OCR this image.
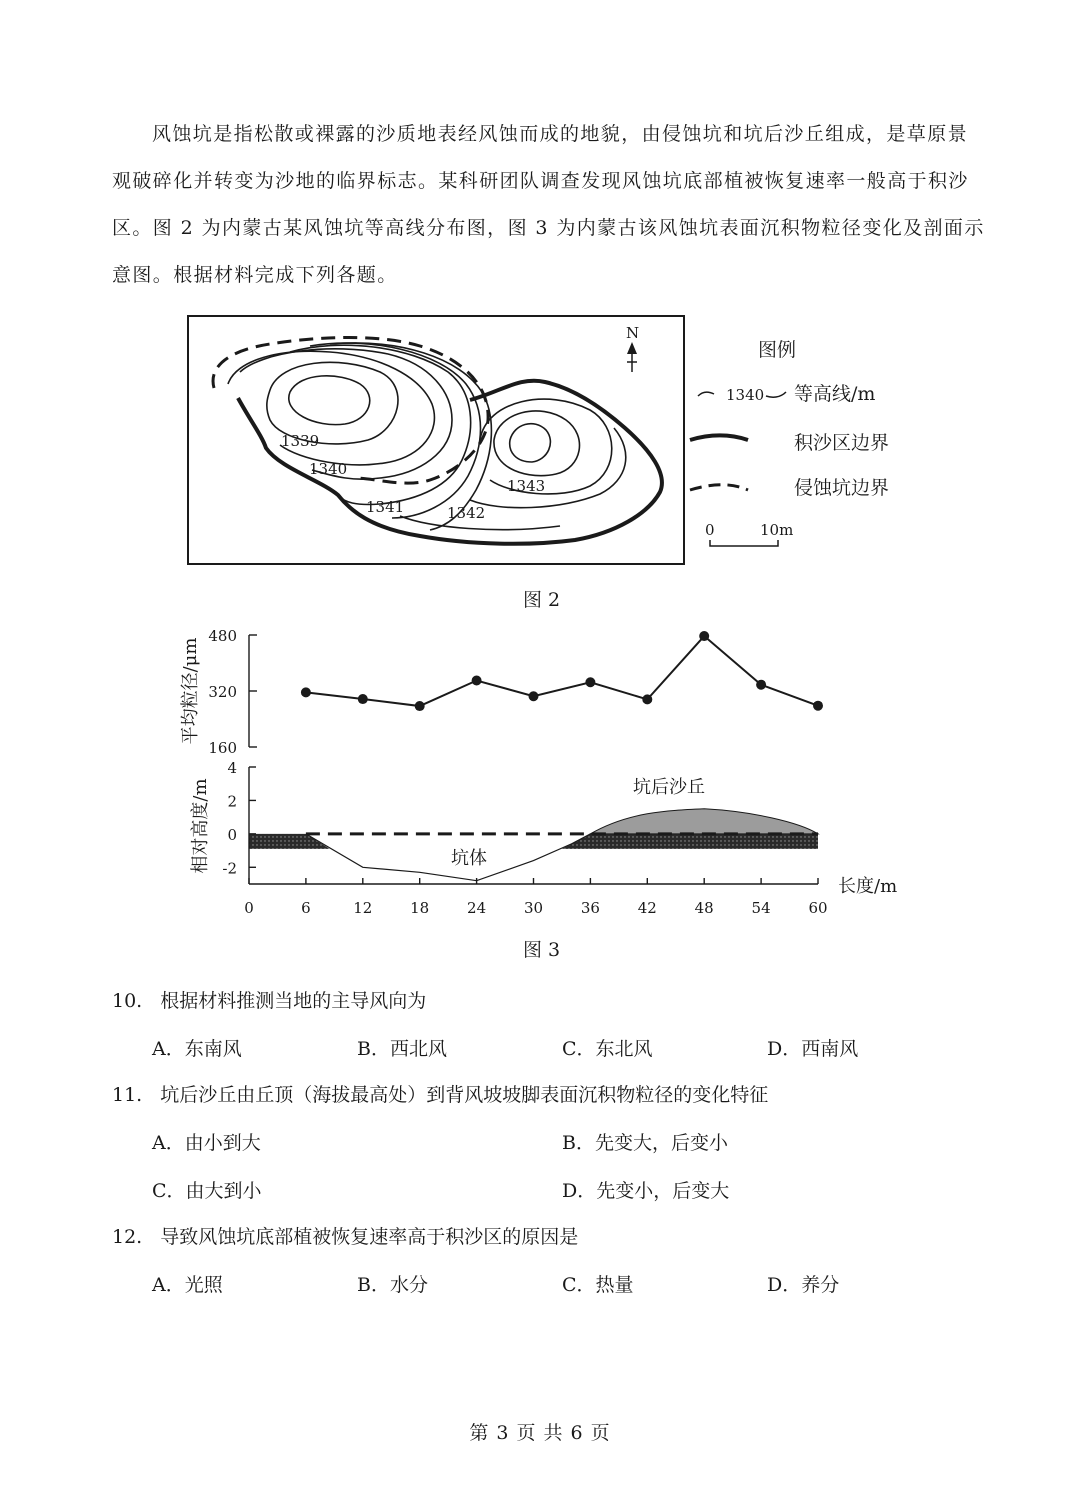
风蚀坑是指松散或裸露的沙质地表经风蚀而成的地貌，由侵蚀坑和坑后沙丘组成，是草原景
观破碎化并转变为沙地的临界标志。某科研团队调查发现风蚀坑底部植被恢复速率一般高于积沙
区。图 2 为内蒙古某风蚀坑等高线分布图，图 3 为内蒙古该风蚀坑表面沉积物粒径变化及剖面示
意图。根据材料完成下列各题。
1339
1340
1341	1342
1343
N
图例
1340 等高线/m
积沙区边界
侵蚀坑边界
0	10m
图 2
160
320
480
平均粒径/μm
-2
0
2
4
0	6	12	18	24	30	36	42	48	54	60
相对高度/m
长度/m
坑体
坑后沙丘
图 3
10. 根据材料推测当地的主导风向为
A．东南风	B．西北风	C．东北风	D．西南风
11. 坑后沙丘由丘顶（海拔最高处）到背风坡坡脚表面沉积物粒径的变化特征
A．由小到大	B．先变大，后变小
C．由大到小	D．先变小，后变大
12. 导致风蚀坑底部植被恢复速率高于积沙区的原因是
A．光照	B．水分	C．热量	D．养分
第 3 页 共 6 页
